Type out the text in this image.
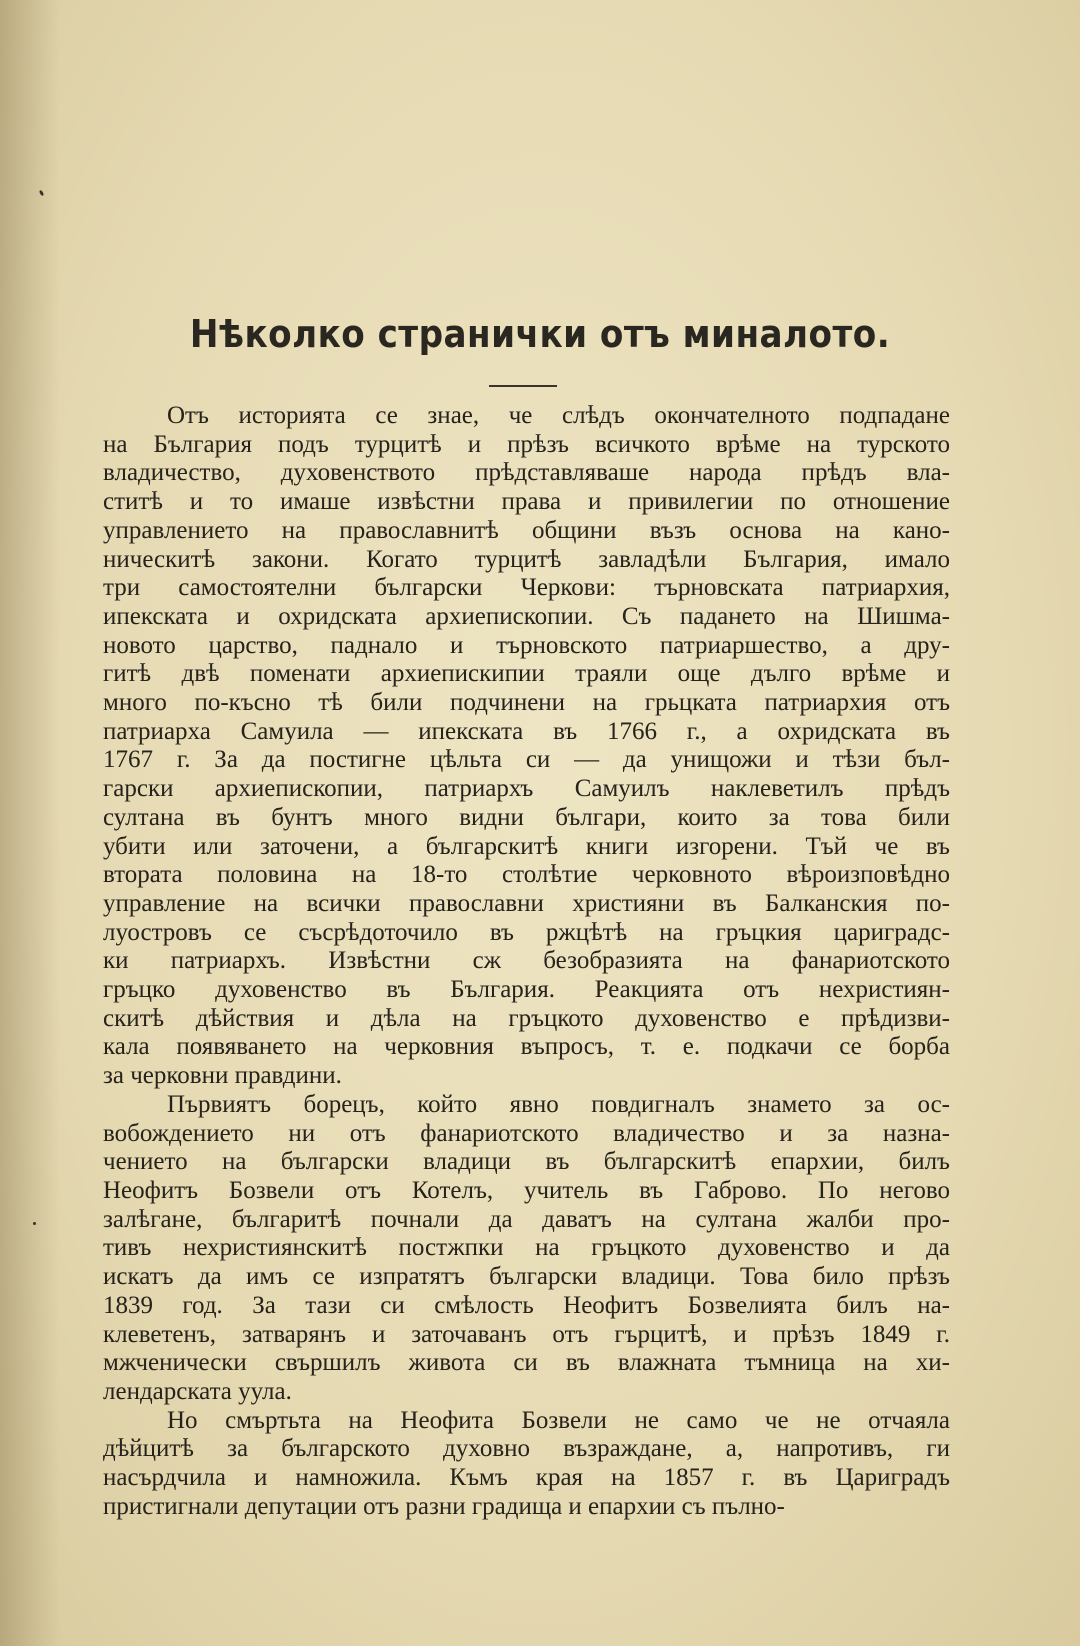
Нѣколко странички отъ миналото.
Отъ историята се знае, че слѣдъ окончателното подпадане
на България подъ турцитѣ и прѣзъ всичкото врѣме на турското
владичество, духовенството прѣдставляваше народа прѣдъ вла-
ститѣ и то имаше извѣстни права и привилегии по отношение
управлението на православнитѣ общини възъ основа на кано-
ническитѣ закони. Когато турцитѣ завладѣли България, имало
три самостоятелни български Черкови: търновската патриархия,
ипекската и охридската архиепископии. Съ падането на Шишма-
новото царство, паднало и търновското патриаршество, а дру-
гитѣ двѣ поменати архиепискипии траяли още дълго врѣме и
много по-късно тѣ били подчинени на грьцката патриархия отъ
патриарха Самуила — ипекската въ 1766 г., а охридската въ
1767 г. За да постигне цѣльта си — да унищожи и тѣзи бъл-
гарски архиепископии, патриархъ Самуилъ наклеветилъ прѣдъ
султана въ бунтъ много видни българи, които за това били
убити или заточени, а българскитѣ книги изгорени. Тъй че въ
втората половина на 18-то столѣтие черковното вѣроизповѣдно
управление на всички православни християни въ Балканския по-
луостровъ се съсрѣдоточило въ ржцѣтѣ на гръцкия цариградс-
ки патриархъ. Извѣстни сж безобразията на фанариотското
гръцко духовенство въ България. Реакцията отъ нехристиян-
скитѣ дѣйствия и дѣла на гръцкото духовенство е прѣдизви-
кала появяването на черковния въпросъ, т. е. подкачи се борба
за черковни правдини.
Първиятъ борецъ, който явно повдигналъ знамето за ос-
вобождението ни отъ фанариотското владичество и за назна-
чението на български владици въ българскитѣ епархии, билъ
Неофитъ Бозвели отъ Котелъ, учитель въ Габрово. По негово
залѣгане, българитѣ почнали да даватъ на султана жалби про-
тивъ нехристиянскитѣ постжпки на гръцкото духовенство и да
искатъ да имъ се изпратятъ български владици. Това било прѣзъ
1839 год. За тази си смѣлость Неофитъ Бозвелията билъ на-
клеветенъ, затварянъ и заточаванъ отъ гърцитѣ, и прѣзъ 1849 г.
мжченически свършилъ живота си въ влажната тъмница на хи-
лендарската уула.
Но смъртьта на Неофита Бозвели не само че не отчаяла
дѣйцитѣ за българското духовно възраждане, а, напротивъ, ги
насърдчила и намножила. Къмъ края на 1857 г. въ Цариградъ
пристигнали депутации отъ разни градища и епархии съ пълно-
